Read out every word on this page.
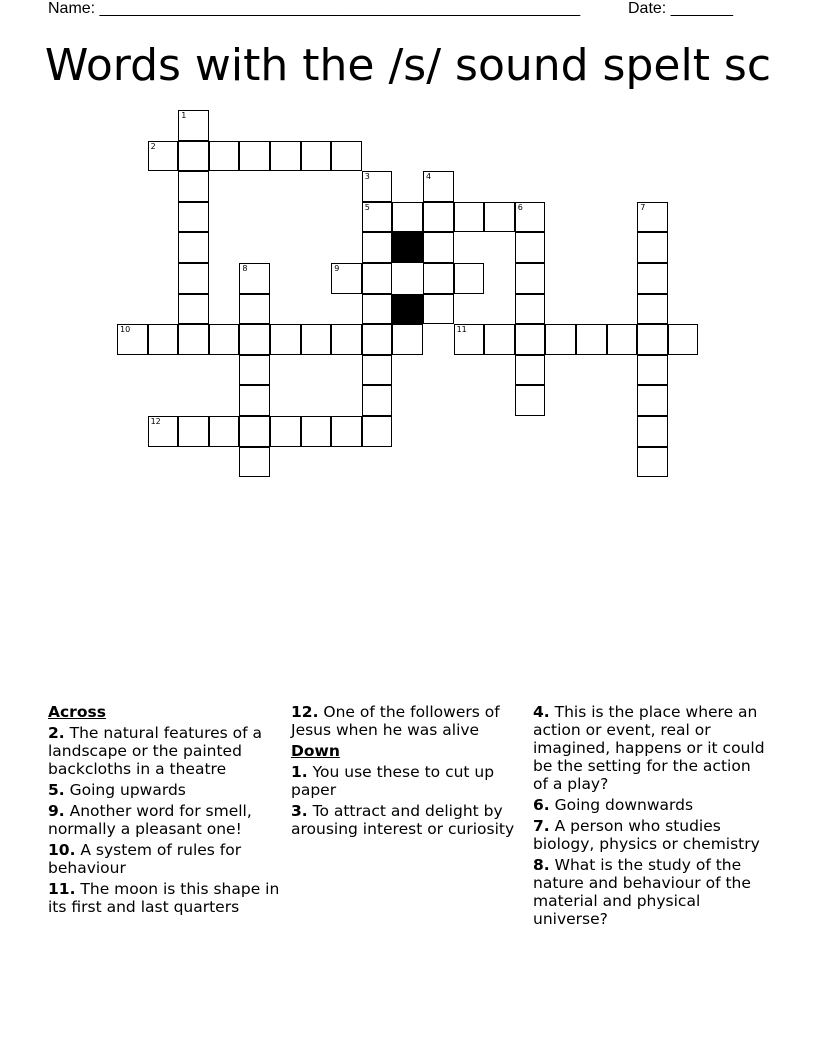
Name: ______________________________________________________	Date: _______
Words with the /s/ sound spelt sc
1
2
3	4
5	6	7
8	9
10	11
12
Across
2. The natural features of a landscape or the painted backcloths in a theatre
5. Going upwards
9. Another word for smell, normally a pleasant one!
10. A system of rules for behaviour
11. The moon is this shape in its first and last quarters
12. One of the followers of Jesus when he was alive
Down
1. You use these to cut up paper
3. To attract and delight by arousing interest or curiosity
4. This is the place where an action or event, real or imagined, happens or it could be the setting for the action of a play?
6. Going downwards
7. A person who studies biology, physics or chemistry
8. What is the study of the nature and behaviour of the material and physical universe?
